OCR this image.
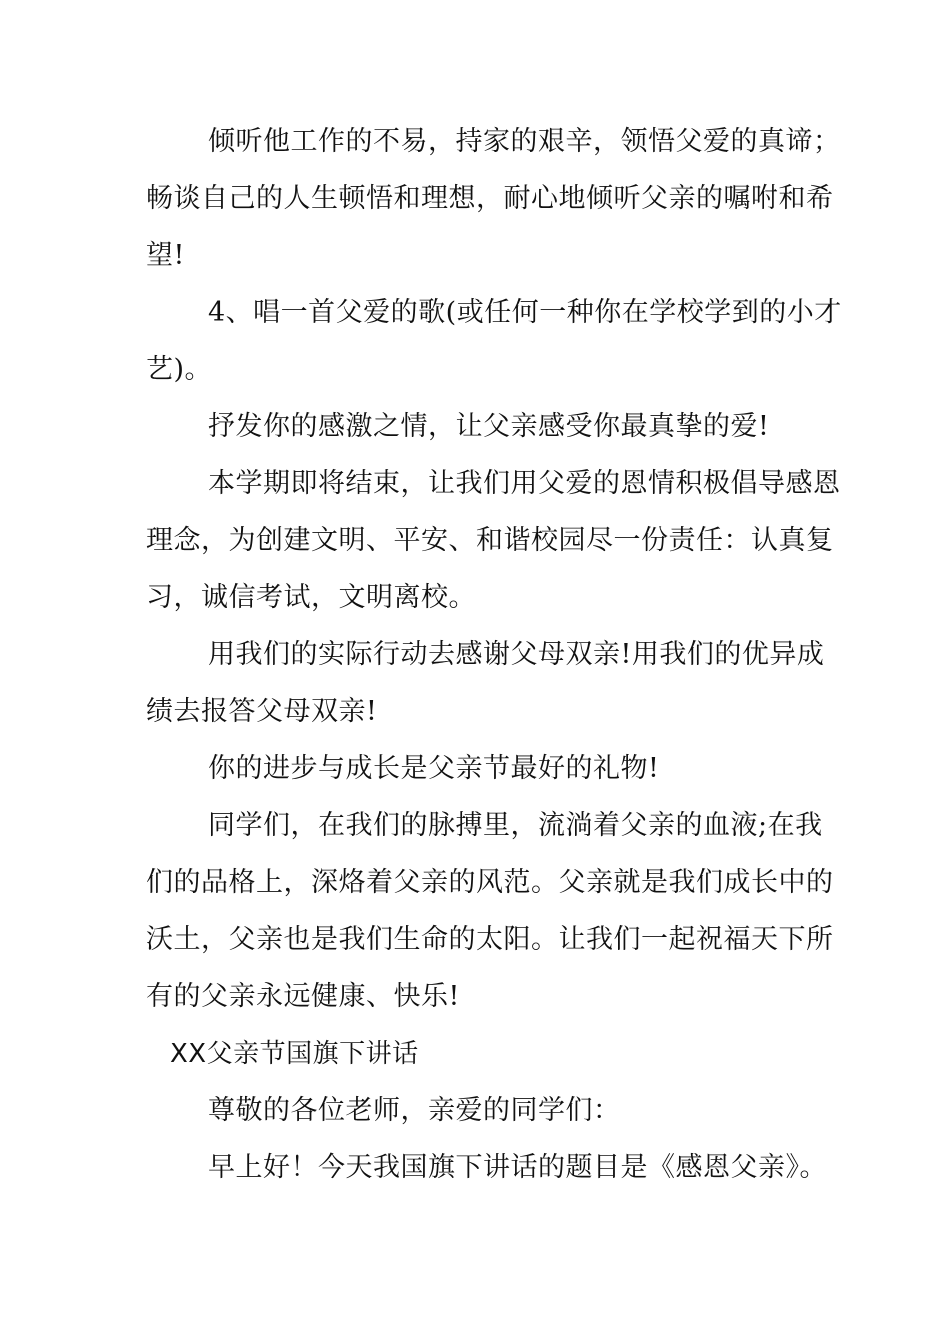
倾听他工作的不易，持家的艰辛，领悟父爱的真谛；
畅谈自己的人生顿悟和理想，耐心地倾听父亲的嘱咐和希
望!
4、唱一首父爱的歌(或任何一种你在学校学到的小才
艺)。
抒发你的感激之情，让父亲感受你最真挚的爱!
本学期即将结束，让我们用父爱的恩情积极倡导感恩
理念，为创建文明、平安、和谐校园尽一份责任：认真复
习，诚信考试，文明离校。
用我们的实际行动去感谢父母双亲!用我们的优异成
绩去报答父母双亲!
你的进步与成长是父亲节最好的礼物!
同学们，在我们的脉搏里，流淌着父亲的血液;在我
们的品格上，深烙着父亲的风范。父亲就是我们成长中的
沃土，父亲也是我们生命的太阳。让我们一起祝福天下所
有的父亲永远健康、快乐!
XX父亲节国旗下讲话
尊敬的各位老师，亲爱的同学们：
早上好！今天我国旗下讲话的题目是《感恩父亲》。
